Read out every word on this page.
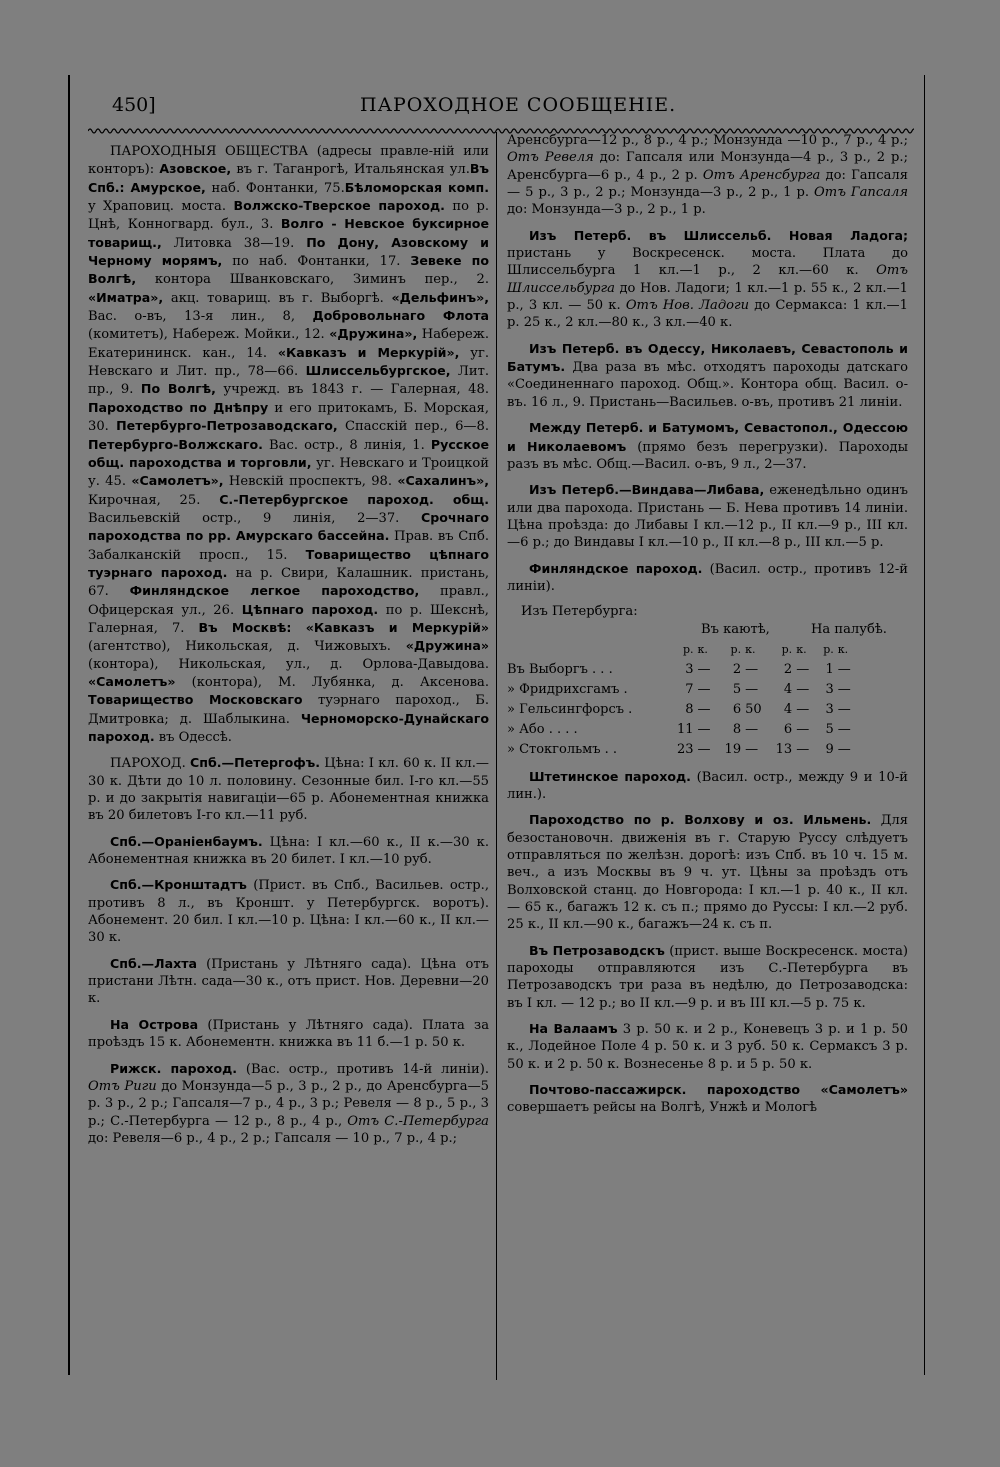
450]	ПАРОХОДНОЕ СООБЩЕНІЕ.

ПАРОХОДНЫЯ ОБЩЕСТВА (адресы правле-ній или конторъ): Азовское, въ г. Таганрогѣ, Итальянская ул.Въ Спб.: Амурское, наб. Фонтанки, 75.Бѣломорская комп. у Храповиц. моста. Волжско-Тверское пароход. по р. Цнѣ, Конногвард. бул., 3. Волго - Невское буксирное товарищ., Литовка 38—19. По Дону, Азовскому и Черному морямъ, по наб. Фонтанки, 17. Зевеке по Волгѣ, контора Шванковскаго, Зиминъ пер., 2. «Иматра», акц. товарищ. въ г. Выборгѣ. «Дельфинъ», Вас. о-въ, 13-я лин., 8, Добровольнаго Флота (комитетъ), Набереж. Мойки., 12. «Дружина», Набереж. Екатерининск. кан., 14. «Кавказъ и Меркурій», уг. Невскаго и Лит. пр., 78—66. Шлиссельбургское, Лит. пр., 9. По Волгѣ, учрежд. въ 1843 г. — Галерная, 48. Пароходство по Днѣпру и его притокамъ, Б. Морская, 30. Петербурго-Петрозаводскаго, Спасскій пер., 6—8. Петербурго-Волжскаго. Вас. остр., 8 линія, 1. Русское общ. пароходства и торговли, уг. Невскаго и Троицкой у. 45. «Самолетъ», Невскій проспектъ, 98. «Сахалинъ», Кирочная, 25. С.-Петербургское пароход. общ. Васильевскій остр., 9 линія, 2—37. Срочнаго пароходства по рр. Амурскаго бассейна. Прав. въ Спб. Забалканскій просп., 15. Товарищество цѣпнаго туэрнаго пароход. на р. Свири, Калашник. пристань, 67. Финляндское легкое пароходство, правл., Офицерская ул., 26. Цѣпнаго пароход. по р. Шекснѣ, Галерная, 7. Въ Москвѣ: «Кавказъ и Меркурій» (агентство), Никольская, д. Чижовыхъ. «Дружина» (контора), Никольская, ул., д. Орлова-Давыдова. «Самолетъ» (контора), М. Лубянка, д. Аксенова. Товарищество Московскаго туэрнаго пароход., Б. Дмитровка; д. Шаблыкина. Черноморско-Дунайскаго пароход. въ Одессѣ.

ПАРОХОД. Спб.—Петергофъ. Цѣна: I кл. 60 к. II кл.—30 к. Дѣти до 10 л. половину. Сезонные бил. I-го кл.—55 р. и до закрытія навигаціи—65 р. Абонементная книжка въ 20 билетовъ I-го кл.—11 руб.

Спб.—Ораніенбаумъ. Цѣна: I кл.—60 к., II к.—30 к. Абонементная книжка въ 20 билет. I кл.—10 руб.

Спб.—Кронштадтъ (Прист. въ Спб., Васильев. остр., противъ 8 л., въ Кроншт. у Петербургск. воротъ). Абонемент. 20 бил. I кл.—10 р. Цѣна: I кл.—60 к., II кл.—30 к.

Спб.—Лахта (Пристань у Лѣтняго сада). Цѣна отъ пристани Лѣтн. сада—30 к., отъ прист. Нов. Деревни—20 к.

На Острова (Пристань у Лѣтняго сада). Плата за проѣздъ 15 к. Абонементн. книжка въ 11 б.—1 р. 50 к.

Рижск. пароход. (Вас. остр., противъ 14-й линіи). Отъ Риги до Монзунда—5 р., 3 р., 2 р., до Аренсбурга—5 р. 3 р., 2 р.; Гапсаля—7 р., 4 р., 3 р.; Ревеля — 8 р., 5 р., 3 р.; С.-Петербурга — 12 р., 8 р., 4 р., Отъ С.-Петербурга до: Ревеля—6 р., 4 р., 2 р.; Гапсаля — 10 р., 7 р., 4 р.;

Аренсбурга—12 р., 8 р., 4 р.; Монзунда —10 р., 7 р., 4 р.; Отъ Ревеля до: Гапсаля или Монзунда—4 р., 3 р., 2 р.; Аренсбурга—6 р., 4 р., 2 р. Отъ Аренсбурга до: Гапсаля — 5 р., 3 р., 2 р.; Монзунда—3 р., 2 р., 1 р. Отъ Гапсаля до: Монзунда—3 р., 2 р., 1 р.

Изъ Петерб. въ Шлиссельб. Новая Ладога; пристань у Воскресенск. моста. Плата до Шлиссельбурга 1 кл.—1 р., 2 кл.—60 к. Отъ Шлиссельбурга до Нов. Ладоги; 1 кл.—1 р. 55 к., 2 кл.—1 р., 3 кл. — 50 к. Отъ Нов. Ладоги до Сермакса: 1 кл.—1 р. 25 к., 2 кл.—80 к., 3 кл.—40 к.

Изъ Петерб. въ Одессу, Николаевъ, Севастополь и Батумъ. Два раза въ мѣс. отходятъ пароходы датскаго «Соединеннаго пароход. Общ.». Контора общ. Васил. о-въ. 16 л., 9. Пристань—Васильев. о-въ, противъ 21 линіи.

Между Петерб. и Батумомъ, Севастопол., Одессою и Николаевомъ (прямо безъ перегрузки). Пароходы разъ въ мѣс. Общ.—Васил. о-въ, 9 л., 2—37.

Изъ Петерб.—Виндава—Либава, еженедѣльно одинъ или два парохода. Пристань — Б. Нева противъ 14 линіи. Цѣна проѣзда: до Либавы I кл.—12 р., II кл.—9 р., III кл.—6 р.; до Виндавы I кл.—10 р., II кл.—8 р., III кл.—5 р.

Финляндское пароход. (Васил. остр., противъ 12-й линіи).

Изъ Петербурга:
Въ каютѣ,	На палубѣ.
	р.	к.	р.	к.	р.	к.	р.	к.
Въ Выборгъ . . .	3	—	2	—	2	—	1	—
» Фридрихсгамъ .	7	—	5	—	4	—	3	—
» Гельсингфорсъ .	8	—	6	50	4	—	3	—
» Або . . . .	11	—	8	—	6	—	5	—
» Стокгольмъ . .	23	—	19	—	13	—	9	—

Штетинское пароход. (Васил. остр., между 9 и 10-й лин.).

Пароходство по р. Волхову и оз. Ильмень. Для безостановочн. движенія въ г. Старую Руссу слѣдуетъ отправляться по желѣзн. дорогѣ: изъ Спб. въ 10 ч. 15 м. веч., а изъ Москвы въ 9 ч. ут. Цѣны за проѣздъ отъ Волховской станц. до Новгорода: I кл.—1 р. 40 к., II кл. — 65 к., багажъ 12 к. съ п.; прямо до Руссы: I кл.—2 руб. 25 к., II кл.—90 к., багажъ—24 к. съ п.

Въ Петрозаводскъ (прист. выше Воскресенск. моста) пароходы отправляются изъ С.-Петербурга въ Петрозаводскъ три раза въ недѣлю, до Петрозаводска: въ I кл. — 12 р.; во II кл.—9 р. и въ III кл.—5 р. 75 к.

На Валаамъ 3 р. 50 к. и 2 р., Коневецъ 3 р. и 1 р. 50 к., Лодейное Поле 4 р. 50 к. и 3 руб. 50 к. Сермаксъ 3 р. 50 к. и 2 р. 50 к. Вознесенье 8 р. и 5 р. 50 к.

Почтово-пассажирск. пароходство «Самолетъ» совершаетъ рейсы на Волгѣ, Унжѣ и Мологѣ
